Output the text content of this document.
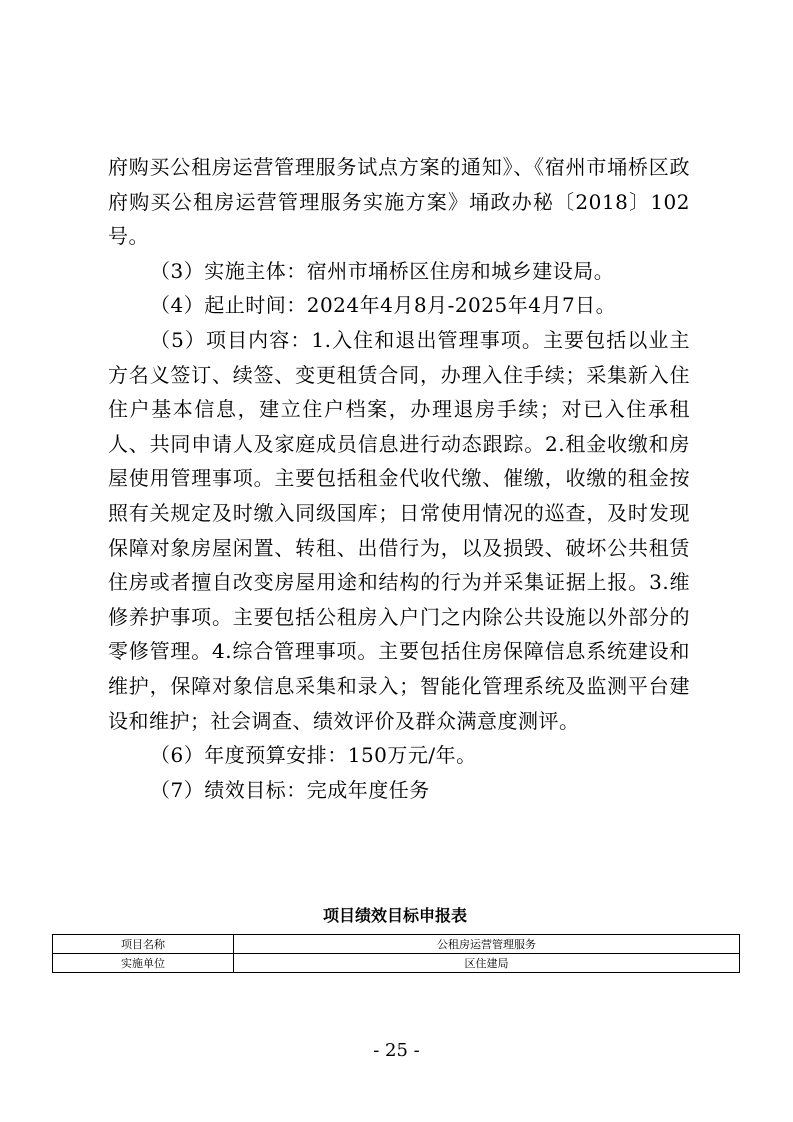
府购买公租房运营管理服务试点方案的通知》、《宿州市埇桥区政府购买公租房运营管理服务实施方案》埇政办秘〔2018〕102号。

（3）实施主体：宿州市埇桥区住房和城乡建设局。

（4）起止时间：2024年4月8月-2025年4月7日。

（5）项目内容：1.入住和退出管理事项。主要包括以业主方名义签订、续签、变更租赁合同，办理入住手续；采集新入住住户基本信息，建立住户档案，办理退房手续；对已入住承租人、共同申请人及家庭成员信息进行动态跟踪。2.租金收缴和房屋使用管理事项。主要包括租金代收代缴、催缴，收缴的租金按照有关规定及时缴入同级国库；日常使用情况的巡查，及时发现保障对象房屋闲置、转租、出借行为，以及损毁、破坏公共租赁住房或者擅自改变房屋用途和结构的行为并采集证据上报。3.维修养护事项。主要包括公租房入户门之内除公共设施以外部分的零修管理。4.综合管理事项。主要包括住房保障信息系统建设和维护，保障对象信息采集和录入；智能化管理系统及监测平台建设和维护；社会调查、绩效评价及群众满意度测评。

（6）年度预算安排：150万元/年。

（7）绩效目标：完成年度任务

项目绩效目标申报表
项目名称	公租房运营管理服务
实施单位	区住建局
- 25 -
